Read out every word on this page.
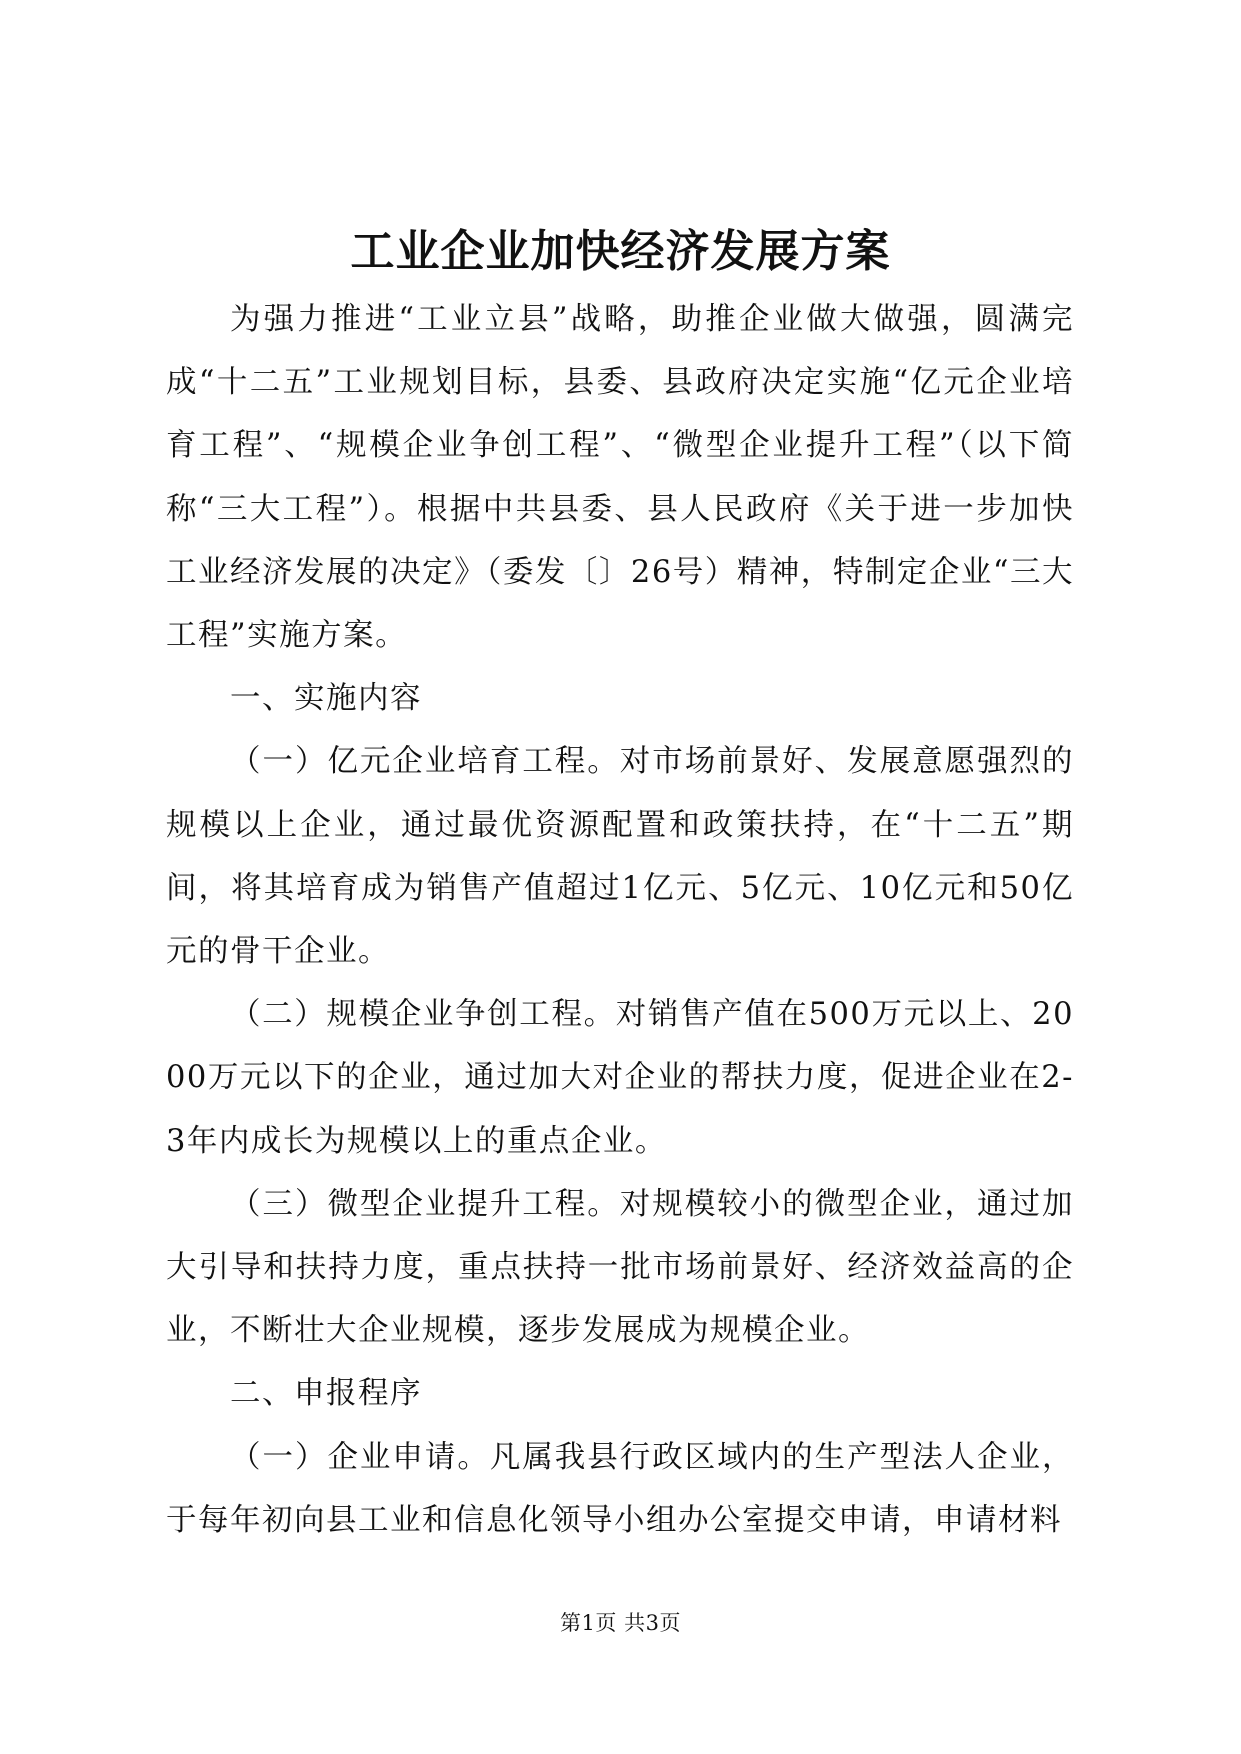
工业企业加快经济发展方案

为强力推进“工业立县”战略，助推企业做大做强，圆满完成“十二五”工业规划目标，县委、县政府决定实施“亿元企业培育工程”、“规模企业争创工程”、“微型企业提升工程”（以下简称“三大工程”）。根据中共县委、县人民政府《关于进一步加快工业经济发展的决定》（委发〔〕26号）精神，特制定企业“三大工程”实施方案。

一、实施内容

（一）亿元企业培育工程。对市场前景好、发展意愿强烈的规模以上企业，通过最优资源配置和政策扶持，在“十二五”期间，将其培育成为销售产值超过1亿元、5亿元、10亿元和50亿元的骨干企业。

（二）规模企业争创工程。对销售产值在500万元以上、2000万元以下的企业，通过加大对企业的帮扶力度，促进企业在2-3年内成长为规模以上的重点企业。

（三）微型企业提升工程。对规模较小的微型企业，通过加大引导和扶持力度，重点扶持一批市场前景好、经济效益高的企业，不断壮大企业规模，逐步发展成为规模企业。

二、申报程序

（一）企业申请。凡属我县行政区域内的生产型法人企业，于每年初向县工业和信息化领导小组办公室提交申请，申请材料

第1页 共3页
